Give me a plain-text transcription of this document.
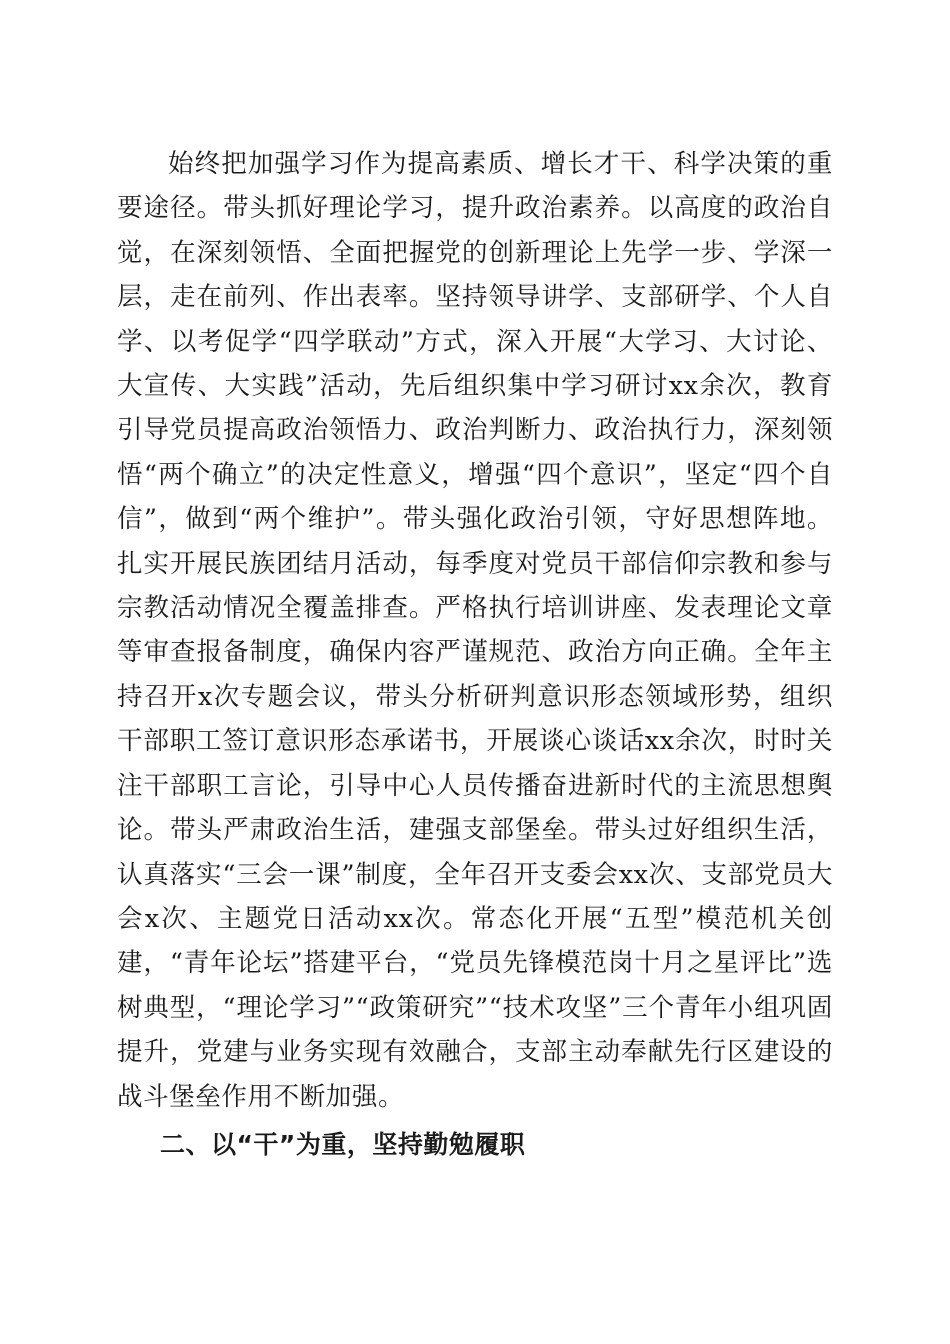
始终把加强学习作为提高素质、增长才干、科学决策的重要途径。带头抓好理论学习，提升政治素养。以高度的政治自觉，在深刻领悟、全面把握党的创新理论上先学一步、学深一层，走在前列、作出表率。坚持领导讲学、支部研学、个人自学、以考促学“四学联动”方式，深入开展“大学习、大讨论、大宣传、大实践”活动，先后组织集中学习研讨xx余次，教育引导党员提高政治领悟力、政治判断力、政治执行力，深刻领悟“两个确立”的决定性意义，增强“四个意识”，坚定“四个自信”，做到“两个维护”。带头强化政治引领，守好思想阵地。扎实开展民族团结月活动，每季度对党员干部信仰宗教和参与宗教活动情况全覆盖排查。严格执行培训讲座、发表理论文章等审查报备制度，确保内容严谨规范、政治方向正确。全年主持召开x次专题会议，带头分析研判意识形态领域形势，组织干部职工签订意识形态承诺书，开展谈心谈话xx余次，时时关注干部职工言论，引导中心人员传播奋进新时代的主流思想舆论。带头严肃政治生活，建强支部堡垒。带头过好组织生活，认真落实“三会一课”制度，全年召开支委会xx次、支部党员大会x次、主题党日活动xx次。常态化开展“五型”模范机关创建，“青年论坛”搭建平台，“党员先锋模范岗十月之星评比”选树典型，“理论学习”“政策研究”“技术攻坚”三个青年小组巩固提升，党建与业务实现有效融合，支部主动奉献先行区建设的战斗堡垒作用不断加强。

二、以“干”为重，坚持勤勉履职
